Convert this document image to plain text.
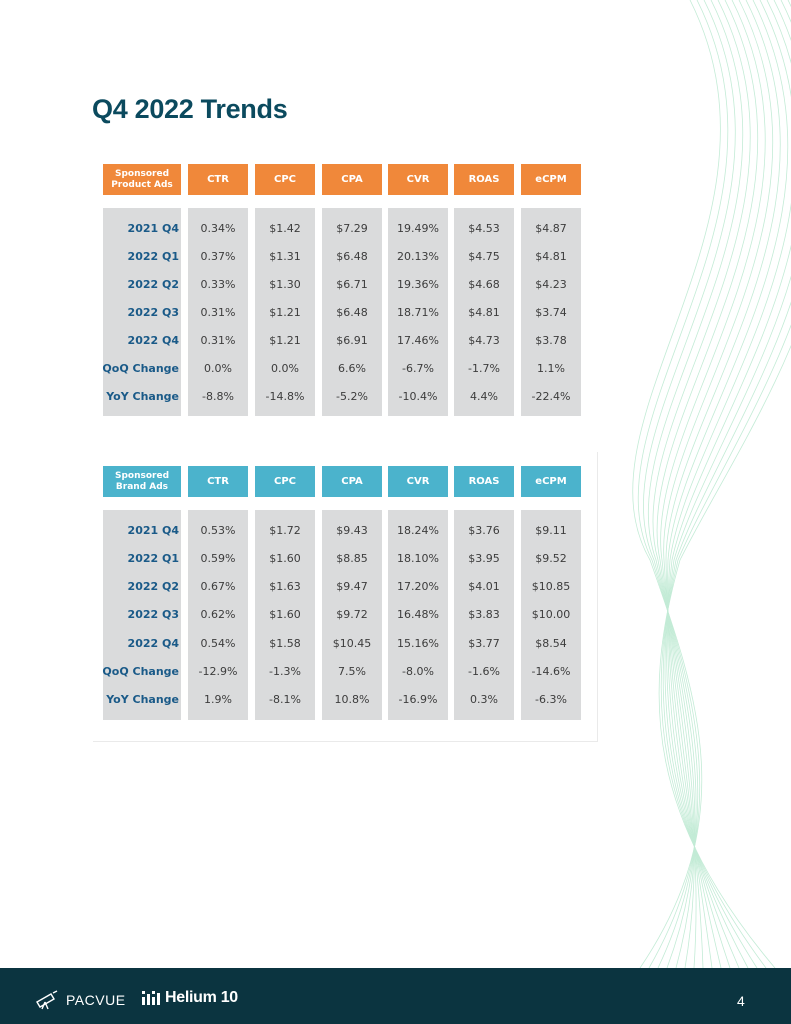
Q4 2022 Trends
Sponsored
Product Ads	CTR	CPC	CPA	CVR	ROAS	eCPM
2021 Q4	0.34%	$1.42	$7.29	19.49%	$4.53	$4.87
2022 Q1	0.37%	$1.31	$6.48	20.13%	$4.75	$4.81
2022 Q2	0.33%	$1.30	$6.71	19.36%	$4.68	$4.23
2022 Q3	0.31%	$1.21	$6.48	18.71%	$4.81	$3.74
2022 Q4	0.31%	$1.21	$6.91	17.46%	$4.73	$3.78
QoQ Change	0.0%	0.0%	6.6%	-6.7%	-1.7%	1.1%
YoY Change	-8.8%	-14.8%	-5.2%	-10.4%	4.4%	-22.4%
Sponsored
Brand Ads	CTR	CPC	CPA	CVR	ROAS	eCPM
2021 Q4	0.53%	$1.72	$9.43	18.24%	$3.76	$9.11
2022 Q1	0.59%	$1.60	$8.85	18.10%	$3.95	$9.52
2022 Q2	0.67%	$1.63	$9.47	17.20%	$4.01	$10.85
2022 Q3	0.62%	$1.60	$9.72	16.48%	$3.83	$10.00
2022 Q4	0.54%	$1.58	$10.45	15.16%	$3.77	$8.54
QoQ Change	-12.9%	-1.3%	7.5%	-8.0%	-1.6%	-14.6%
YoY Change	1.9%	-8.1%	10.8%	-16.9%	0.3%	-6.3%
PACVUE Helium 10	4
